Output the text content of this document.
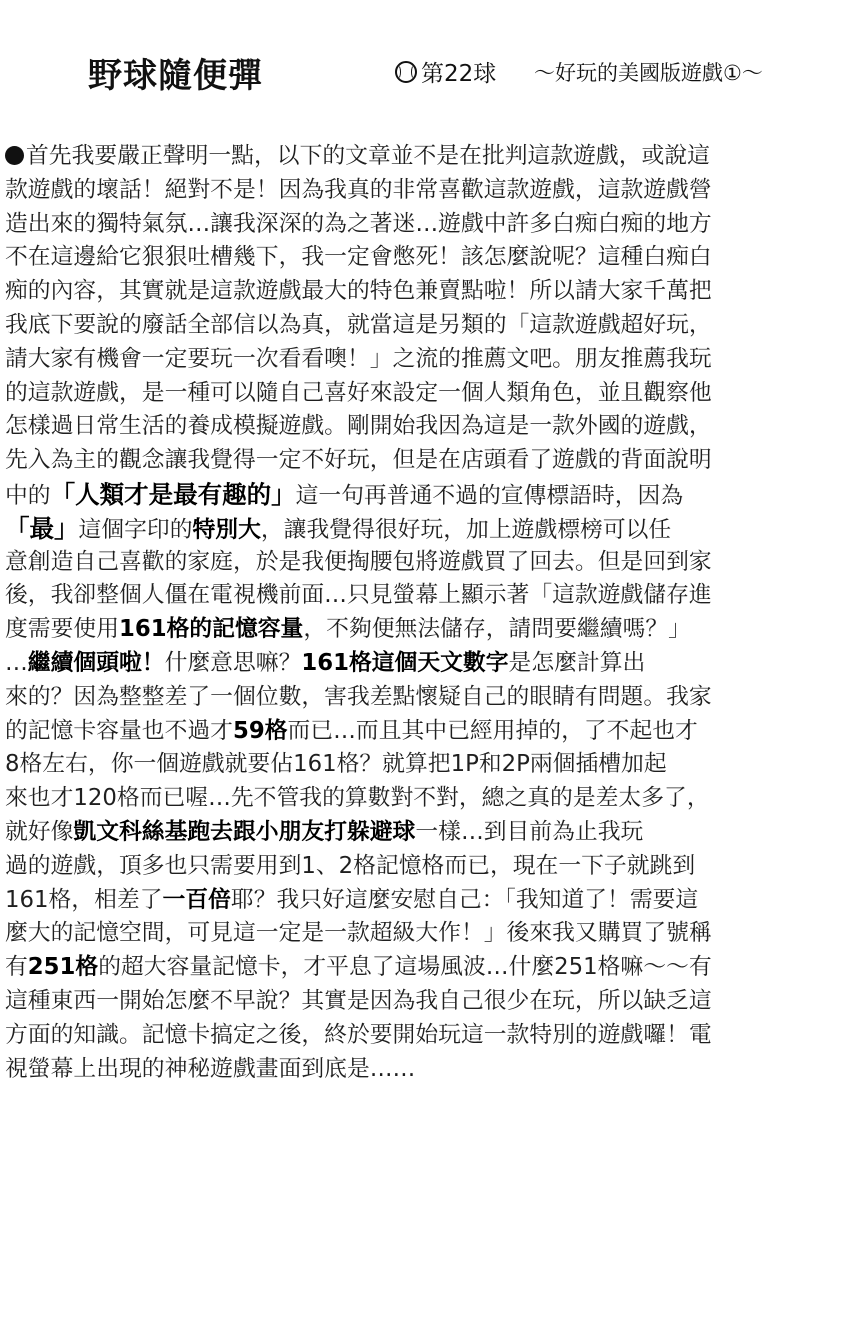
野球隨便彈	第22球 ～好玩的美國版遊戲①～
首先我要嚴正聲明一點，以下的文章並不是在批判這款遊戲，或說這
款遊戲的壞話！絕對不是！因為我真的非常喜歡這款遊戲，這款遊戲營
造出來的獨特氣氛…讓我深深的為之著迷…遊戲中許多白痴白痴的地方
不在這邊給它狠狠吐槽幾下，我一定會憋死！該怎麼說呢？這種白痴白
痴的內容，其實就是這款遊戲最大的特色兼賣點啦！所以請大家千萬把
我底下要說的廢話全部信以為真，就當這是另類的「這款遊戲超好玩，
請大家有機會一定要玩一次看看噢！」之流的推薦文吧。朋友推薦我玩
的這款遊戲，是一種可以隨自己喜好來設定一個人類角色，並且觀察他
怎樣過日常生活的養成模擬遊戲。剛開始我因為這是一款外國的遊戲，
先入為主的觀念讓我覺得一定不好玩，但是在店頭看了遊戲的背面說明
中的「人類才是最有趣的」這一句再普通不過的宣傳標語時，因為
「最」這個字印的特別大，讓我覺得很好玩，加上遊戲標榜可以任
意創造自己喜歡的家庭，於是我便掏腰包將遊戲買了回去。但是回到家
後，我卻整個人僵在電視機前面…只見螢幕上顯示著「這款遊戲儲存進
度需要使用161格的記憶容量，不夠便無法儲存，請問要繼續嗎？」
…繼續個頭啦！什麼意思嘛？161格這個天文數字是怎麼計算出
來的？因為整整差了一個位數，害我差點懷疑自己的眼睛有問題。我家
的記憶卡容量也不過才59格而已…而且其中已經用掉的，了不起也才
8格左右，你一個遊戲就要佔161格？就算把1P和2P兩個插槽加起
來也才120格而已喔…先不管我的算數對不對，總之真的是差太多了，
就好像凱文科絲基跑去跟小朋友打躲避球一樣…到目前為止我玩
過的遊戲，頂多也只需要用到1、2格記憶格而已，現在一下子就跳到
161格，相差了一百倍耶？我只好這麼安慰自己：「我知道了！需要這
麼大的記憶空間，可見這一定是一款超級大作！」後來我又購買了號稱
有251格的超大容量記憶卡，才平息了這場風波…什麼251格嘛～～有
這種東西一開始怎麼不早說？其實是因為我自己很少在玩，所以缺乏這
方面的知識。記憶卡搞定之後，終於要開始玩這一款特別的遊戲囉！電
視螢幕上出現的神秘遊戲畫面到底是……
